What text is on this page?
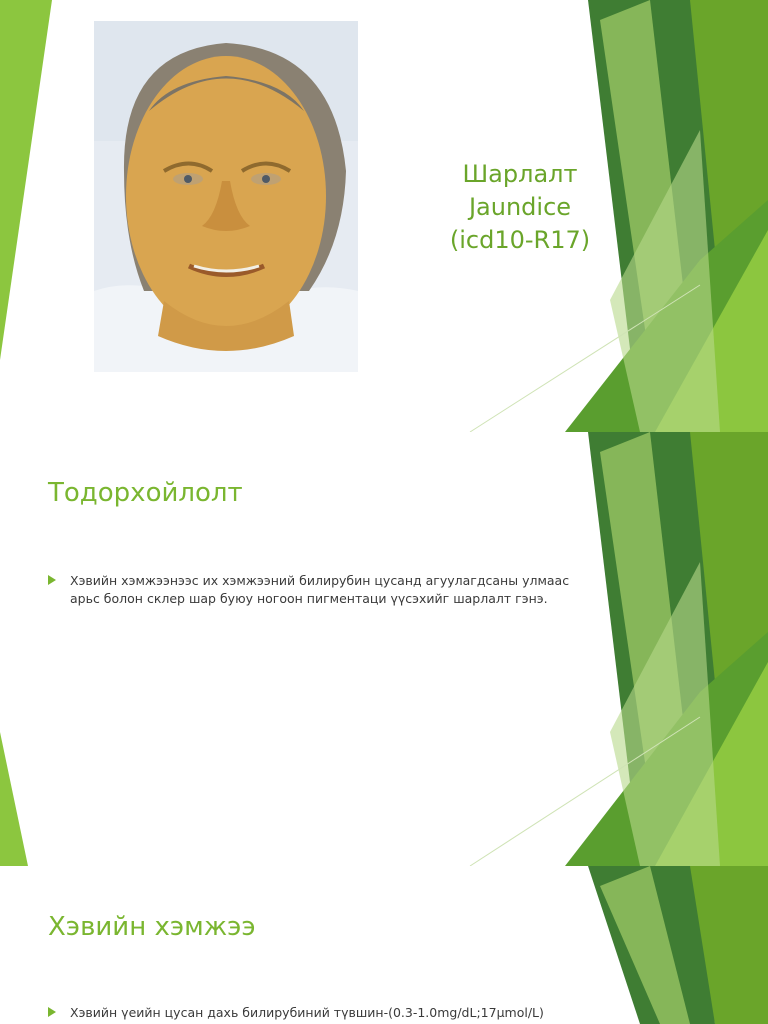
Шарлалт
Jaundice
(icd10-R17)
Тодорхойлолт
Хэвийн хэмжээнээс их хэмжээний билирубин цусанд агуулагдсаны улмаас
арьс болон склер шар буюу ногоон пигментаци үүсэхийг шарлалт гэнэ.
Хэвийн хэмжээ
Хэвийн үеийн цусан дахь билирубиний түвшин-(0.3-1.0mg/dL;17μmol/L)
